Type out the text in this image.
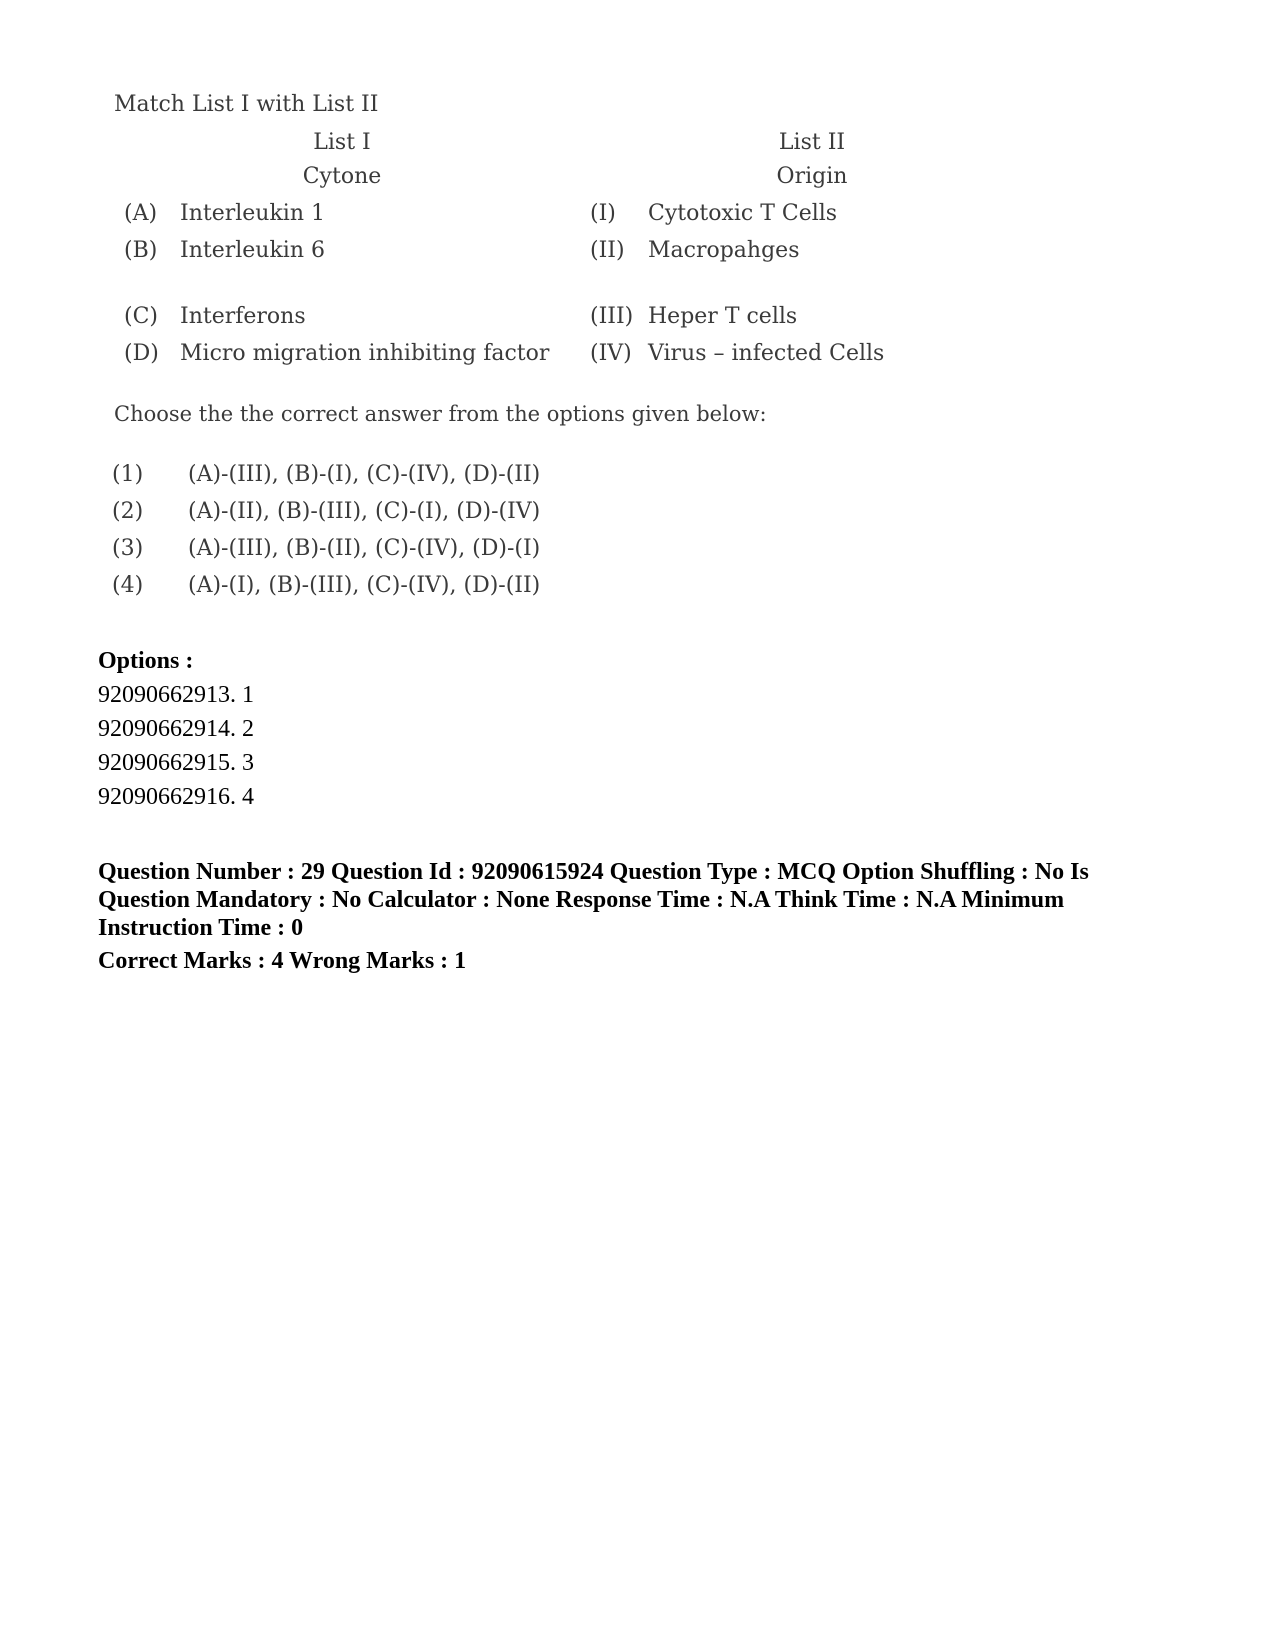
Match List I with List II
List I
Cytone
List II
Origin
(A) Interleukin 1
(B) Interleukin 6
(C) Interferons
(D) Micro migration inhibiting factor
(I) Cytotoxic T Cells
(II) Macropahges
(III) Heper T cells
(IV) Virus – infected Cells
Choose the the correct answer from the options given below:
(1) (A)-(III), (B)-(I), (C)-(IV), (D)-(II)
(2) (A)-(II), (B)-(III), (C)-(I), (D)-(IV)
(3) (A)-(III), (B)-(II), (C)-(IV), (D)-(I)
(4) (A)-(I), (B)-(III), (C)-(IV), (D)-(II)
Options :
92090662913. 1
92090662914. 2
92090662915. 3
92090662916. 4
Question Number : 29 Question Id : 92090615924 Question Type : MCQ Option Shuffling : No Is
Question Mandatory : No Calculator : None Response Time : N.A Think Time : N.A Minimum
Instruction Time : 0
Correct Marks : 4 Wrong Marks : 1
